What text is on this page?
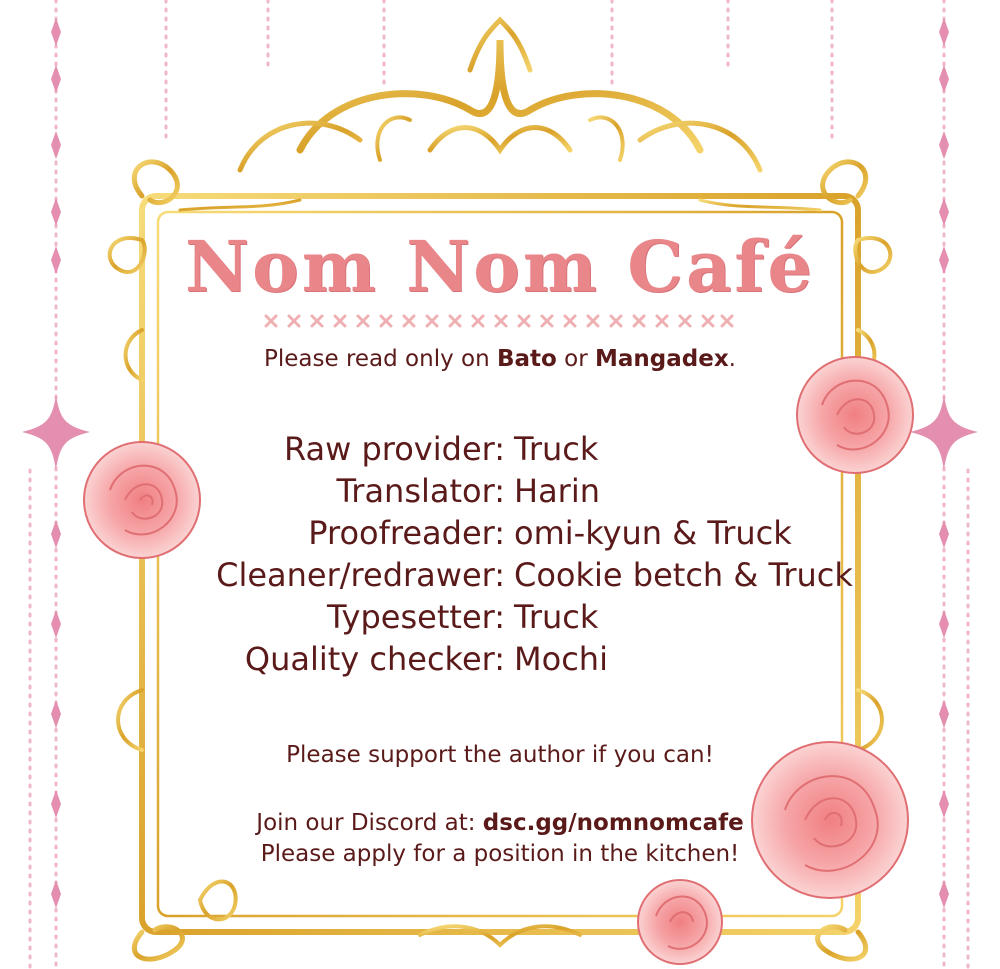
Nom Nom Café
Please read only on Bato or Mangadex.
Raw provider: Truck
Translator: Harin
Proofreader: omi-kyun & Truck
Cleaner/redrawer: Cookie betch & Truck
Typesetter: Truck
Quality checker: Mochi
Please support the author if you can!
Join our Discord at: dsc.gg/nomnomcafe
Please apply for a position in the kitchen!
